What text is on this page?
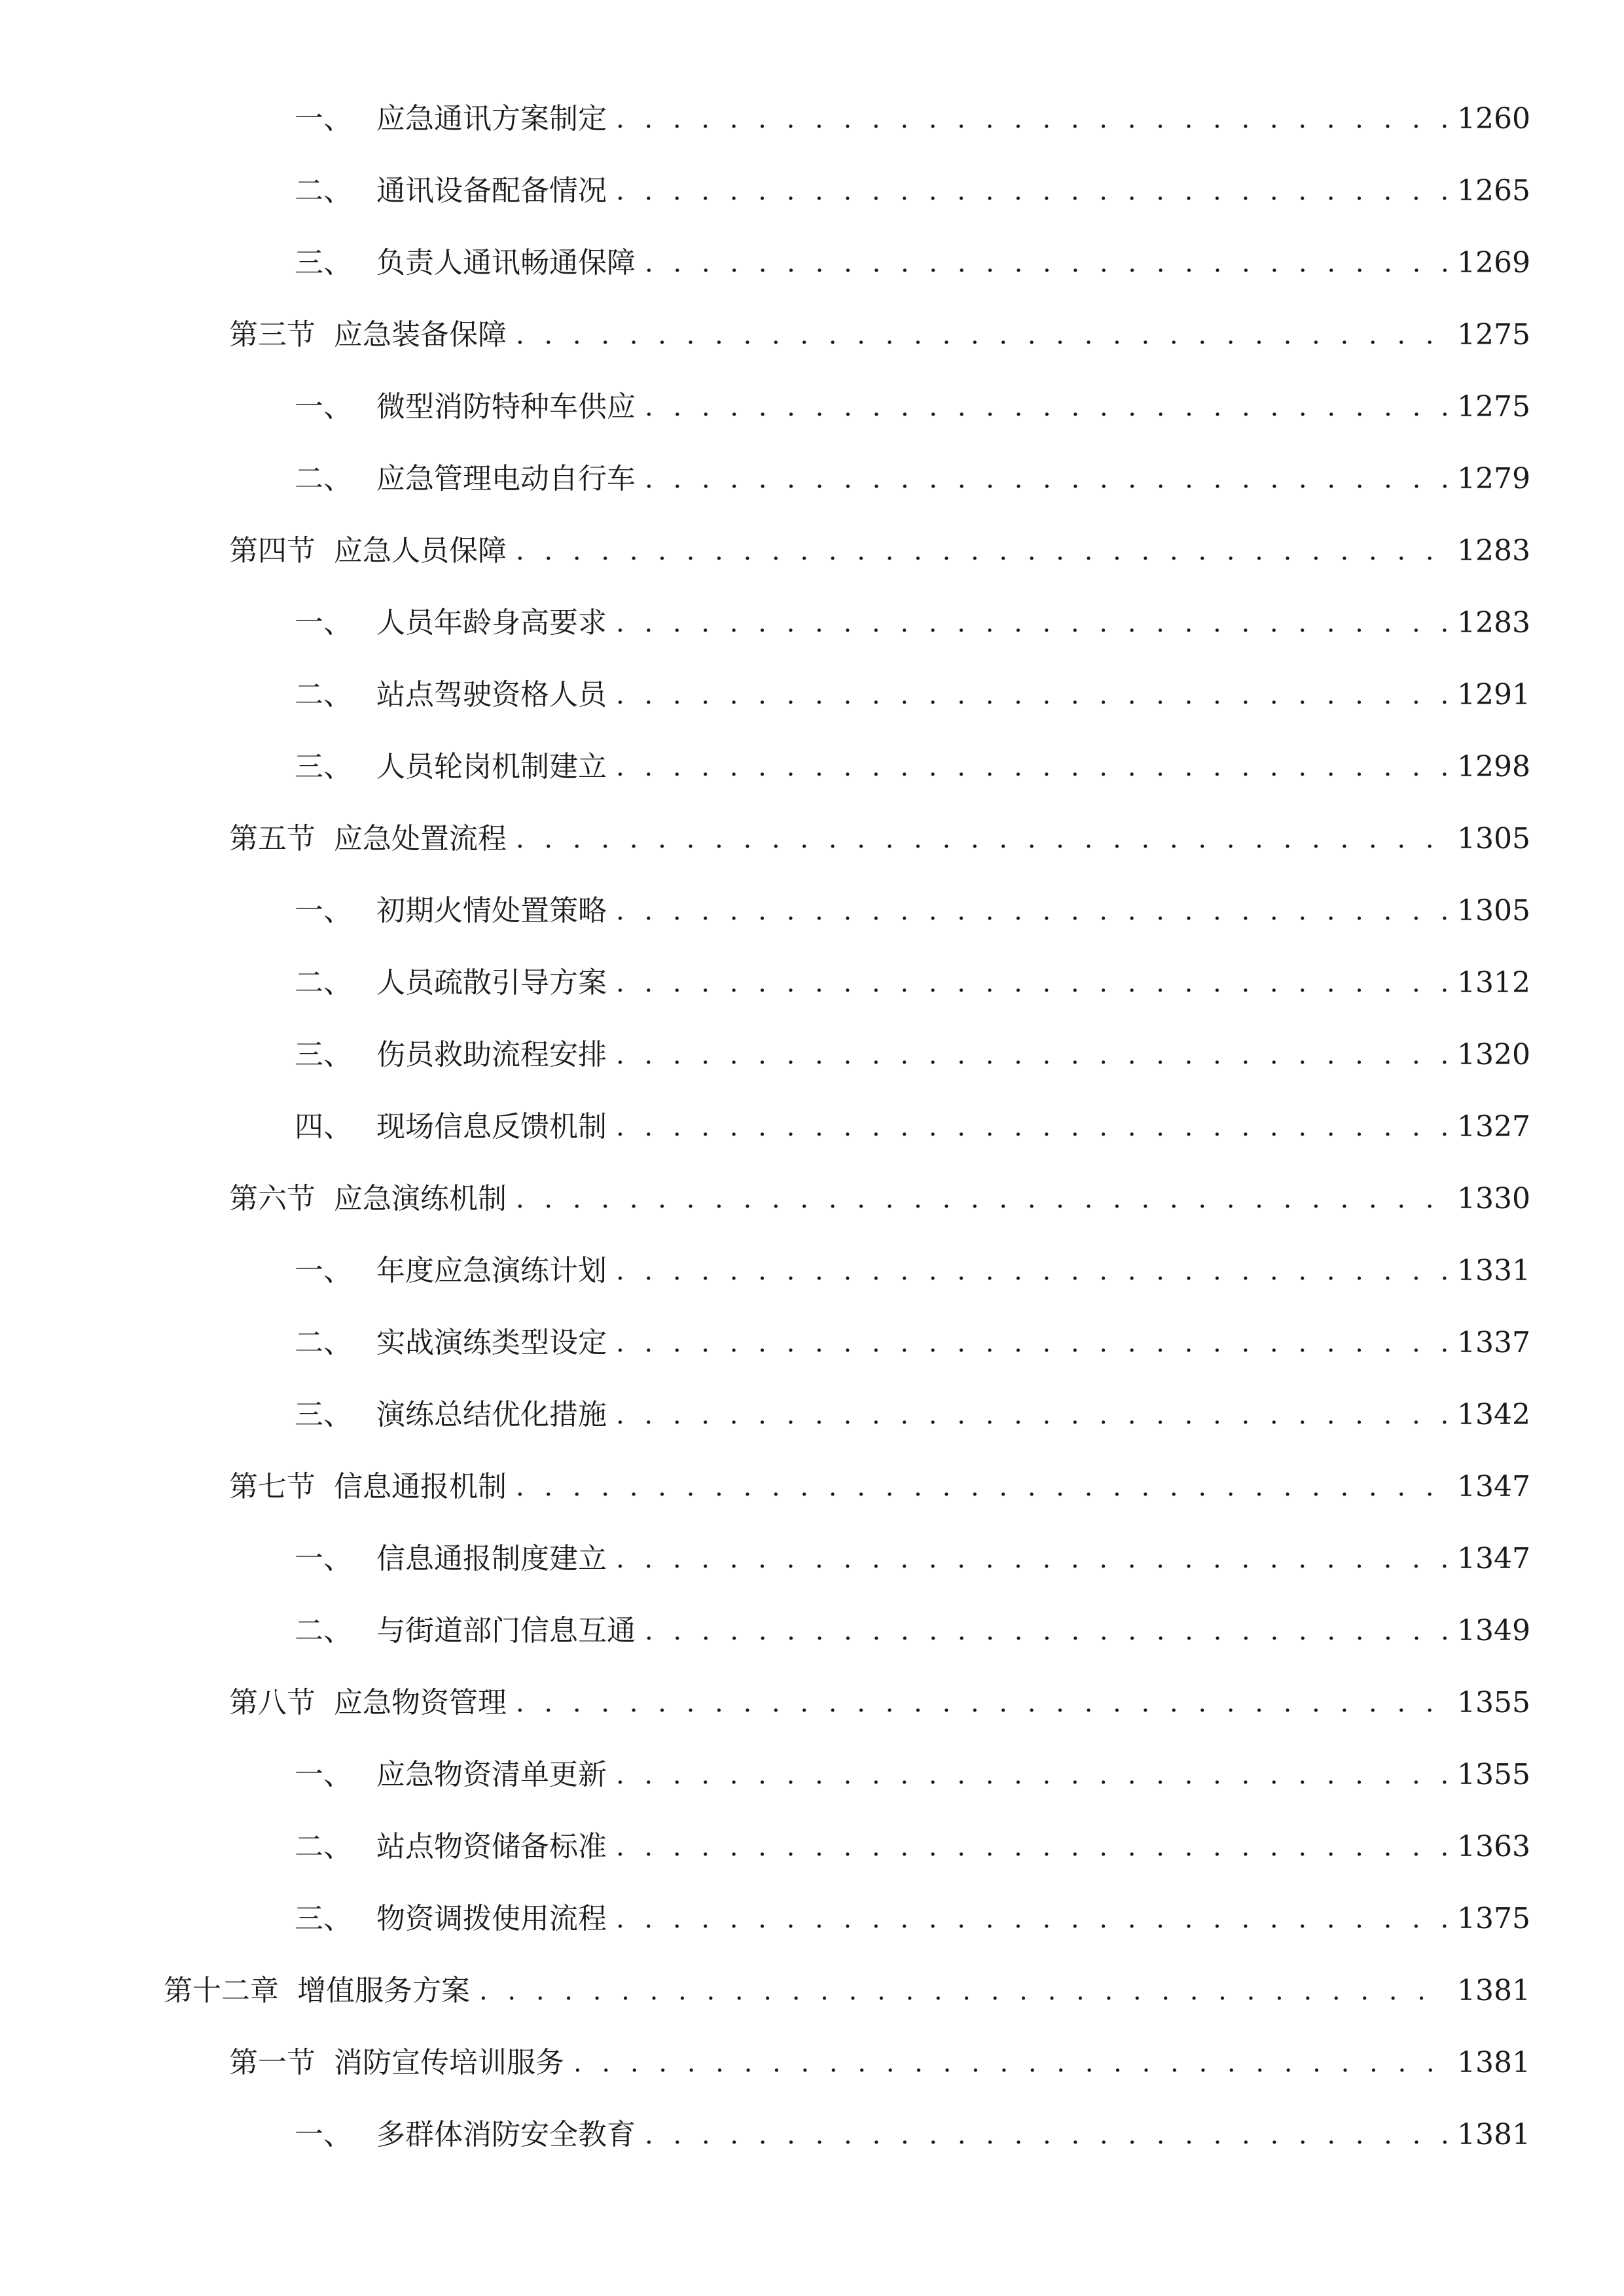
一、 应急通讯方案制定 . . .	1260
二、 通讯设备配备情况 . . .	1265
三、 负责人通讯畅通保障 . . .	1269
第三节 应急装备保障 . . .	1275
一、 微型消防特种车供应 . . .	1275
二、 应急管理电动自行车 . . .	1279
第四节 应急人员保障 . . .	1283
一、 人员年龄身高要求 . . .	1283
二、 站点驾驶资格人员 . . .	1291
三、 人员轮岗机制建立 . . .	1298
第五节 应急处置流程 . . .	1305
一、 初期火情处置策略 . . .	1305
二、 人员疏散引导方案 . . .	1312
三、 伤员救助流程安排 . . .	1320
四、 现场信息反馈机制 . . .	1327
第六节 应急演练机制 . . .	1330
一、 年度应急演练计划 . . .	1331
二、 实战演练类型设定 . . .	1337
三、 演练总结优化措施 . . .	1342
第七节 信息通报机制 . . .	1347
一、 信息通报制度建立 . . .	1347
二、 与街道部门信息互通 . . .	1349
第八节 应急物资管理 . . .	1355
一、 应急物资清单更新 . . .	1355
二、 站点物资储备标准 . . .	1363
三、 物资调拨使用流程 . . .	1375
第十二章 增值服务方案 . . .	1381
第一节 消防宣传培训服务 . . .	1381
一、 多群体消防安全教育 . . .	1381
